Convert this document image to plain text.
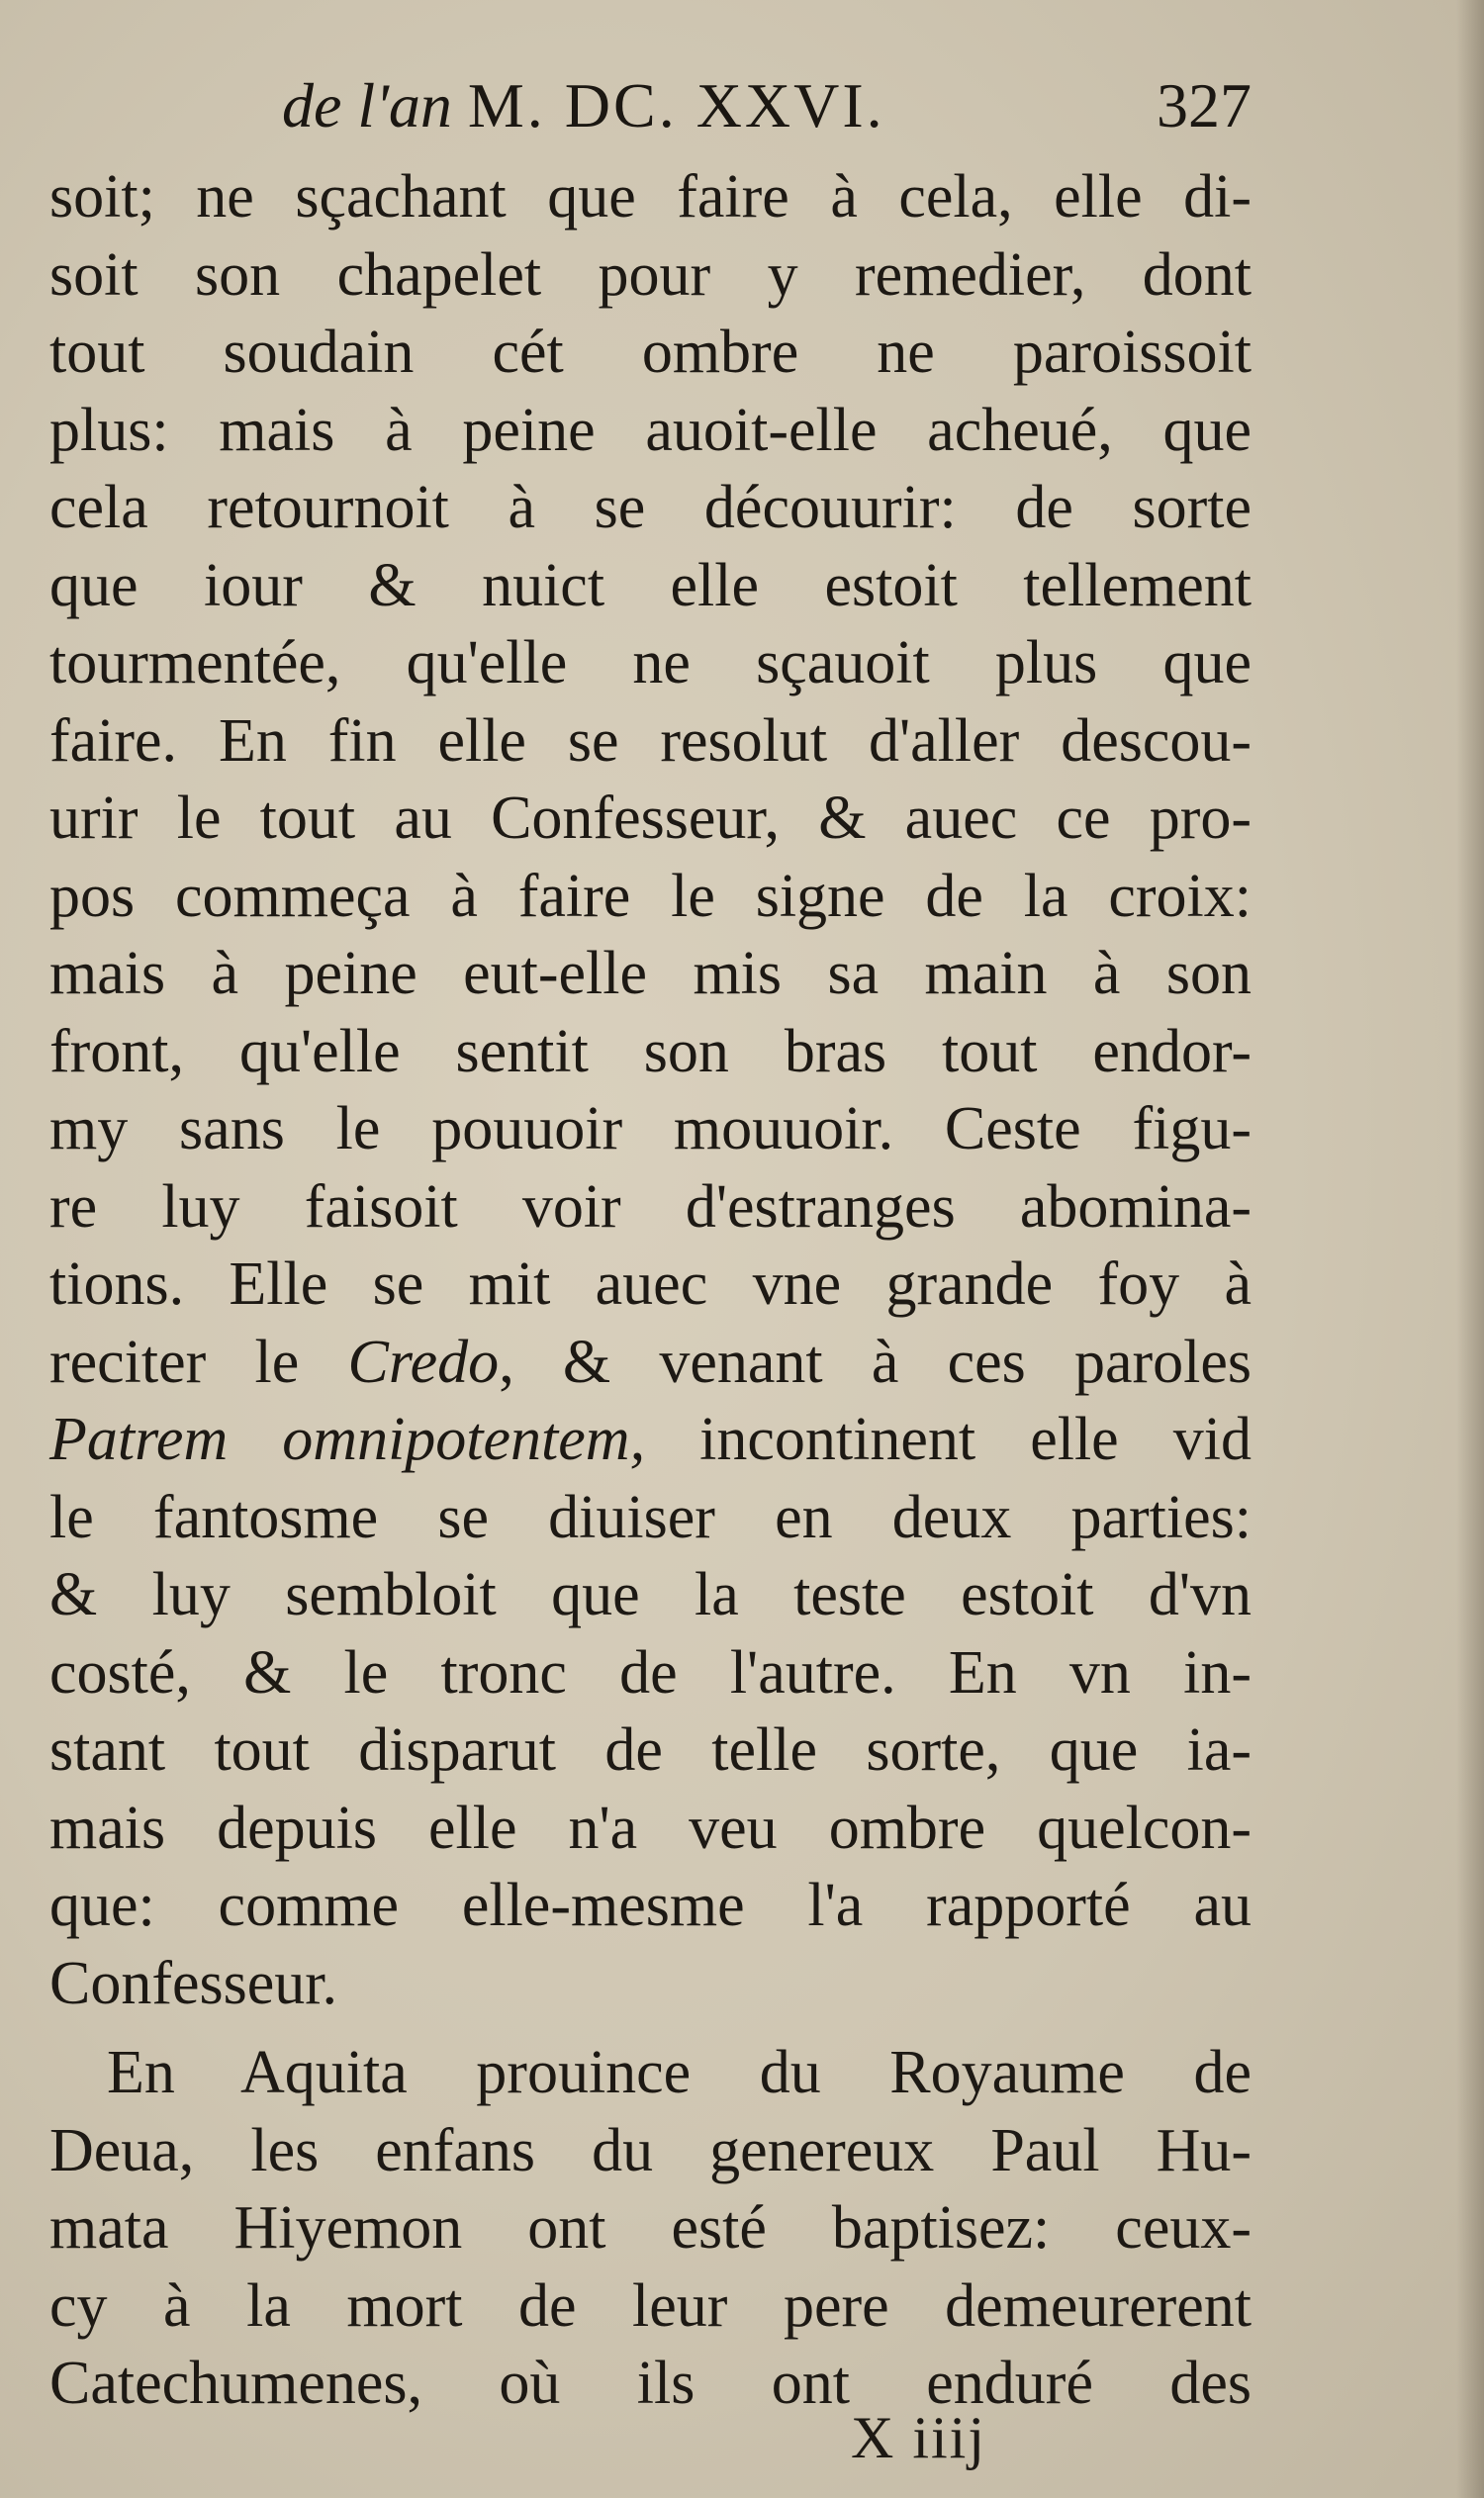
de l'an M. DC. XXVI.	327
soit; ne sçachant que faire à cela, elle di-
soit son chapelet pour y remedier, dont
tout soudain cét ombre ne paroissoit
plus: mais à peine auoit-elle acheué, que
cela retournoit à se découurir: de sorte
que iour & nuict elle estoit tellement
tourmentée, qu'elle ne sçauoit plus que
faire. En fin elle se resolut d'aller descou-
urir le tout au Confesseur, & auec ce pro-
pos commeça à faire le signe de la croix:
mais à peine eut-elle mis sa main à son
front, qu'elle sentit son bras tout endor-
my sans le pouuoir mouuoir. Ceste figu-
re luy faisoit voir d'estranges abomina-
tions. Elle se mit auec vne grande foy à
reciter le Credo, & venant à ces paroles
Patrem omnipotentem, incontinent elle vid
le fantosme se diuiser en deux parties:
& luy sembloit que la teste estoit d'vn
costé, & le tronc de l'autre. En vn in-
stant tout disparut de telle sorte, que ia-
mais depuis elle n'a veu ombre quelcon-
que: comme elle-mesme l'a rapporté au
Confesseur.
En Aquita prouince du Royaume de
Deua, les enfans du genereux Paul Hu-
mata Hiyemon ont esté baptisez: ceux-
cy à la mort de leur pere demeurerent
Catechumenes, où ils ont enduré des
X iiij
